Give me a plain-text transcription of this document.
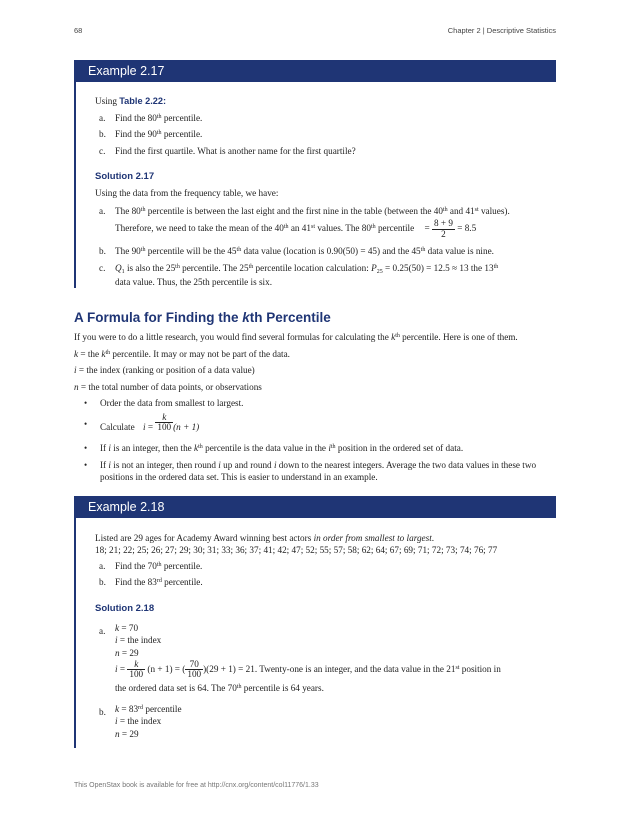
68	Chapter 2 | Descriptive Statistics
Example 2.17
Using Table 2.22:
a. Find the 80th percentile.
b. Find the 90th percentile.
c. Find the first quartile. What is another name for the first quartile?
Solution 2.17
Using the data from the frequency table, we have:
a. The 80th percentile is between the last eight and the first nine in the table (between the 40th and 41st values).
Therefore, we need to take the mean of the 40th an 41st values. The 80th percentile = $\frac{8 + 9}{2} = 8.5$
b. The 90th percentile will be the 45th data value (location is 0.90(50) = 45) and the 45th data value is nine.
c. $Q_1$ is also the 25th percentile. The 25th percentile location calculation: $P_{25} = 0.25(50) = 12.5 \approx 13$ the 13th
data value. Thus, the 25th percentile is six.
A Formula for Finding the kth Percentile
If you were to do a little research, you would find several formulas for calculating the $k^{th}$ percentile. Here is one of them.
k = the $k^{th}$ percentile. It may or may not be part of the data.
i = the index (ranking or position of a data value)
n = the total number of data points, or observations
• Order the data from smallest to largest.
• Calculate $i = \frac{k}{100} (n + 1)$
• If i is an integer, then the $k^{th}$ percentile is the data value in the $i^{th}$ position in the ordered set of data.
• If i is not an integer, then round i up and round i down to the nearest integers. Average the two data values in these two
positions in the ordered data set. This is easier to understand in an example.
Example 2.18
Listed are 29 ages for Academy Award winning best actors in order from smallest to largest.
18; 21; 22; 25; 26; 27; 29; 30; 31; 33; 36; 37; 41; 42; 47; 52; 55; 57; 58; 62; 64; 67; 69; 71; 72; 73; 74; 76; 77
a. Find the 70th percentile.
b. Find the 83rd percentile.
Solution 2.18
a. k = 70
i = the index
n = 29
$i = \frac{k}{100} (n + 1)$ = ( $\frac{70}{100} )(29 + 1) = 21$. Twenty-one is an integer, and the data value in the 21st position in
the ordered data set is 64. The 70th percentile is 64 years.
b. k = 83rd percentile
i = the index
n = 29
This OpenStax book is available for free at http://cnx.org/content/col11776/1.33
